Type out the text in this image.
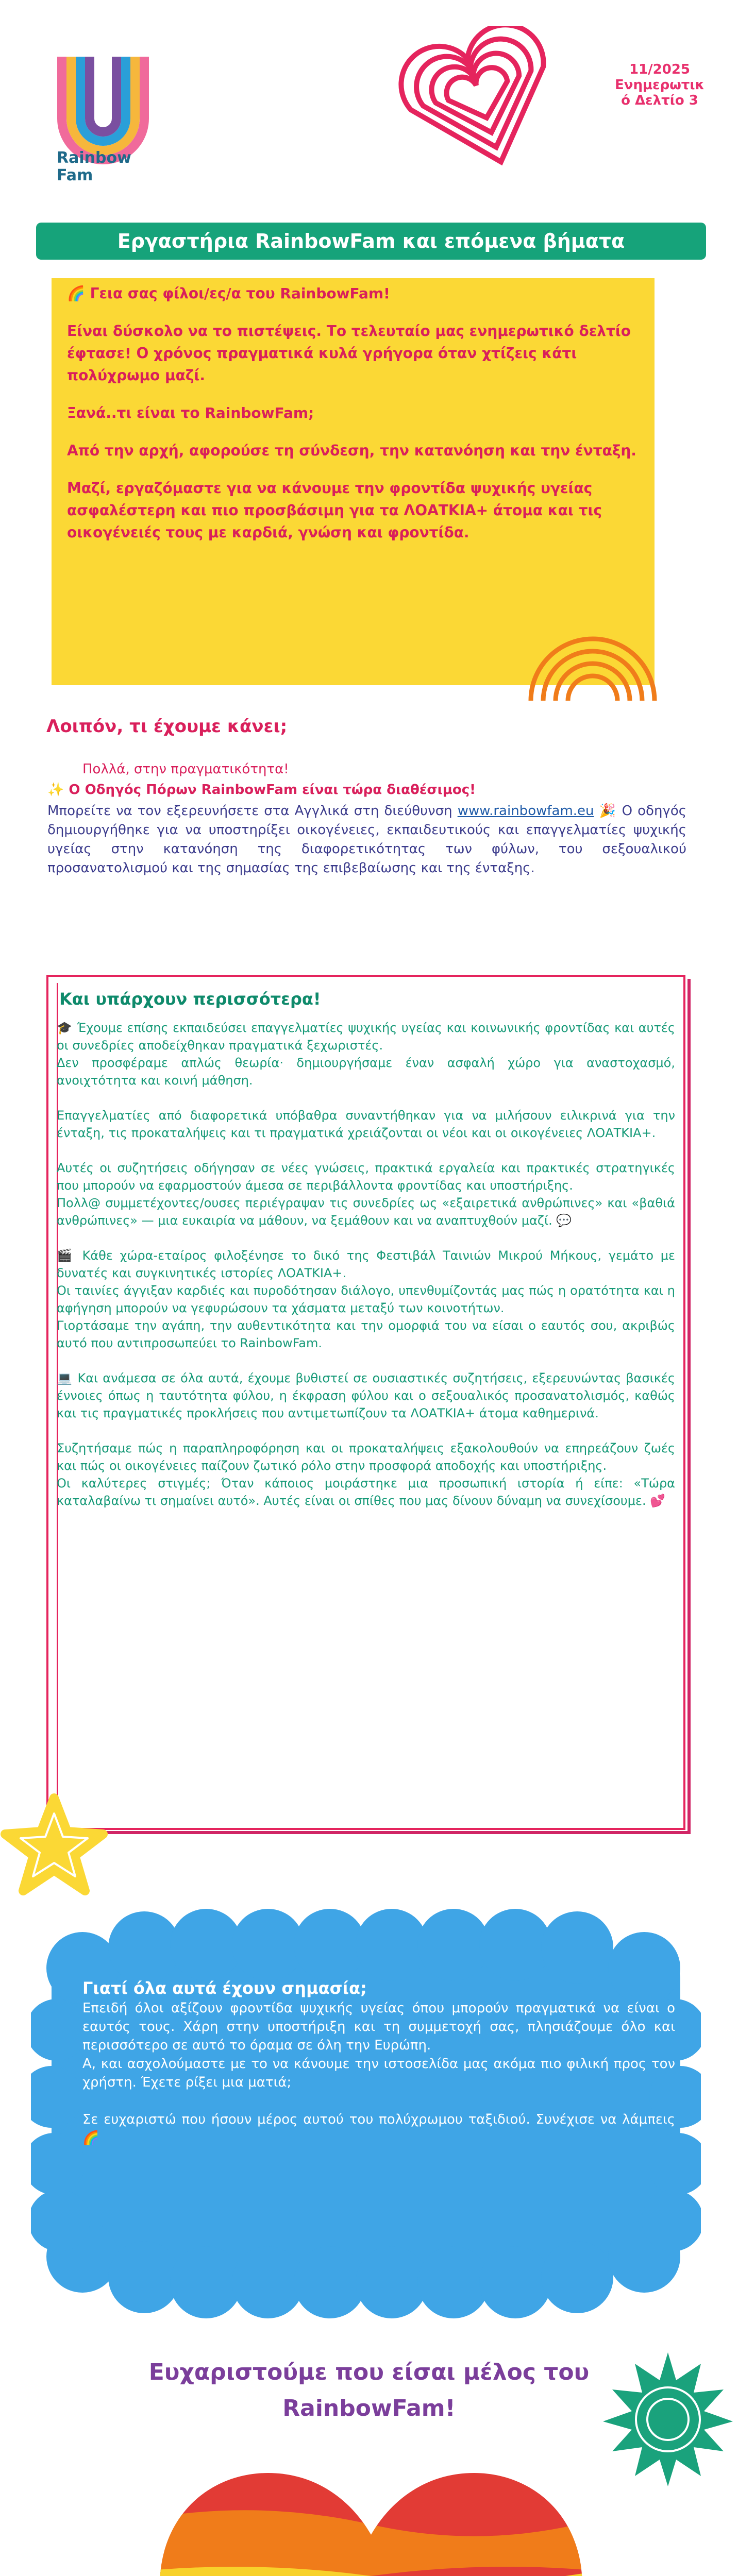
Rainbow
Fam
11/2025
Ενημερωτικ
ό Δελτίο 3
Εργαστήρια RainbowFam και επόμενα βήματα

🌈 Γεια σας φίλοι/ες/α του RainbowFam!

Είναι δύσκολο να το πιστέψεις. Το τελευταίο μας ενημερωτικό δελτίο έφτασε! Ο χρόνος πραγματικά κυλά γρήγορα όταν χτίζεις κάτι πολύχρωμο μαζί.

Ξανά..τι είναι το RainbowFam;

Από την αρχή, αφορούσε τη σύνδεση, την κατανόηση και την ένταξη.

Μαζί, εργαζόμαστε για να κάνουμε την φροντίδα ψυχικής υγείας ασφαλέστερη και πιο προσβάσιμη για τα ΛΟΑΤΚΙΑ+ άτομα και τις οικογένειές τους με καρδιά, γνώση και φροντίδα.

Λοιπόν, τι έχουμε κάνει;
Πολλά, στην πραγματικότητα!
✨ Ο Οδηγός Πόρων RainbowFam είναι τώρα διαθέσιμος!
Μπορείτε να τον εξερευνήσετε στα Αγγλικά στη διεύθυνση www.rainbowfam.eu 🎉 Ο οδηγός δημιουργήθηκε για να υποστηρίξει οικογένειες, εκπαιδευτικούς και επαγγελματίες ψυχικής υγείας στην κατανόηση της διαφορετικότητας των φύλων, του σεξουαλικού προσανατολισμού και της σημασίας της επιβεβαίωσης και της ένταξης.
Και υπάρχουν περισσότερα!

🎓 Έχουμε επίσης εκπαιδεύσει επαγγελματίες ψυχικής υγείας και κοινωνικής φροντίδας και αυτές οι συνεδρίες αποδείχθηκαν πραγματικά ξεχωριστές.

Δεν προσφέραμε απλώς θεωρία· δημιουργήσαμε έναν ασφαλή χώρο για αναστοχασμό, ανοιχτότητα και κοινή μάθηση.

Επαγγελματίες από διαφορετικά υπόβαθρα συναντήθηκαν για να μιλήσουν ειλικρινά για την ένταξη, τις προκαταλήψεις και τι πραγματικά χρειάζονται οι νέοι και οι οικογένειες ΛΟΑΤΚΙΑ+.

Αυτές οι συζητήσεις οδήγησαν σε νέες γνώσεις, πρακτικά εργαλεία και πρακτικές στρατηγικές που μπορούν να εφαρμοστούν άμεσα σε περιβάλλοντα φροντίδας και υποστήριξης.

Πολλ@ συμμετέχοντες/ουσες περιέγραψαν τις συνεδρίες ως «εξαιρετικά ανθρώπινες» και «βαθιά ανθρώπινες» — μια ευκαιρία να μάθουν, να ξεμάθουν και να αναπτυχθούν μαζί. 💬

🎬 Κάθε χώρα-εταίρος φιλοξένησε το δικό της Φεστιβάλ Ταινιών Μικρού Μήκους, γεμάτο με δυνατές και συγκινητικές ιστορίες ΛΟΑΤΚΙΑ+.

Οι ταινίες άγγιξαν καρδιές και πυροδότησαν διάλογο, υπενθυμίζοντάς μας πώς η ορατότητα και η αφήγηση μπορούν να γεφυρώσουν τα χάσματα μεταξύ των κοινοτήτων.

Γιορτάσαμε την αγάπη, την αυθεντικότητα και την ομορφιά του να είσαι ο εαυτός σου, ακριβώς αυτό που αντιπροσωπεύει το RainbowFam.

💻 Και ανάμεσα σε όλα αυτά, έχουμε βυθιστεί σε ουσιαστικές συζητήσεις, εξερευνώντας βασικές έννοιες όπως η ταυτότητα φύλου, η έκφραση φύλου και ο σεξουαλικός προσανατολισμός, καθώς και τις πραγματικές προκλήσεις που αντιμετωπίζουν τα ΛΟΑΤΚΙΑ+ άτομα καθημερινά.

Συζητήσαμε πώς η παραπληροφόρηση και οι προκαταλήψεις εξακολουθούν να επηρεάζουν ζωές και πώς οι οικογένειες παίζουν ζωτικό ρόλο στην προσφορά αποδοχής και υποστήριξης.

Οι καλύτερες στιγμές; Όταν κάποιος μοιράστηκε μια προσωπική ιστορία ή είπε: «Τώρα καταλαβαίνω τι σημαίνει αυτό». Αυτές είναι οι σπίθες που μας δίνουν δύναμη να συνεχίσουμε. 💕

Γιατί όλα αυτά έχουν σημασία;

Επειδή όλοι αξίζουν φροντίδα ψυχικής υγείας όπου μπορούν πραγματικά να είναι ο εαυτός τους. Χάρη στην υποστήριξη και τη συμμετοχή σας, πλησιάζουμε όλο και περισσότερο σε αυτό το όραμα σε όλη την Ευρώπη.

Α, και ασχολούμαστε με το να κάνουμε την ιστοσελίδα μας ακόμα πιο φιλική προς τον χρήστη. Έχετε ρίξει μια ματιά;

Σε ευχαριστώ που ήσουν μέρος αυτού του πολύχρωμου ταξιδιού. Συνέχισε να λάμπεις🌈

Ευχαριστούμε που είσαι μέλος του
RainbowFam!
